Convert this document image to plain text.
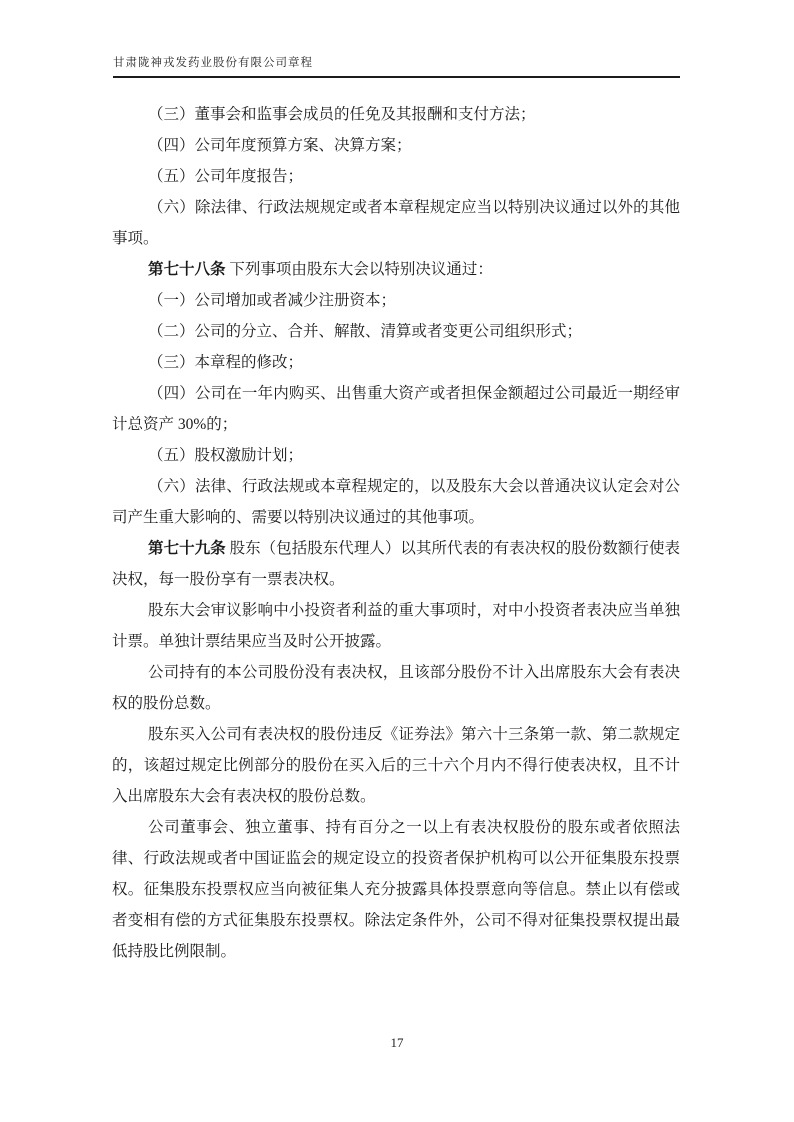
甘肃陇神戎发药业股份有限公司章程

（三）董事会和监事会成员的任免及其报酬和支付方法；

（四）公司年度预算方案、决算方案；

（五）公司年度报告；

（六）除法律、行政法规规定或者本章程规定应当以特别决议通过以外的其他事项。

第七十八条 下列事项由股东大会以特别决议通过：

（一）公司增加或者减少注册资本；

（二）公司的分立、合并、解散、清算或者变更公司组织形式；

（三）本章程的修改；

（四）公司在一年内购买、出售重大资产或者担保金额超过公司最近一期经审计总资产 30%的；

（五）股权激励计划；

（六）法律、行政法规或本章程规定的，以及股东大会以普通决议认定会对公司产生重大影响的、需要以特别决议通过的其他事项。

第七十九条 股东（包括股东代理人）以其所代表的有表决权的股份数额行使表决权，每一股份享有一票表决权。

股东大会审议影响中小投资者利益的重大事项时，对中小投资者表决应当单独计票。单独计票结果应当及时公开披露。

公司持有的本公司股份没有表决权，且该部分股份不计入出席股东大会有表决权的股份总数。

股东买入公司有表决权的股份违反《证券法》第六十三条第一款、第二款规定的，该超过规定比例部分的股份在买入后的三十六个月内不得行使表决权，且不计入出席股东大会有表决权的股份总数。

公司董事会、独立董事、持有百分之一以上有表决权股份的股东或者依照法律、行政法规或者中国证监会的规定设立的投资者保护机构可以公开征集股东投票权。征集股东投票权应当向被征集人充分披露具体投票意向等信息。禁止以有偿或者变相有偿的方式征集股东投票权。除法定条件外，公司不得对征集投票权提出最低持股比例限制。

17
